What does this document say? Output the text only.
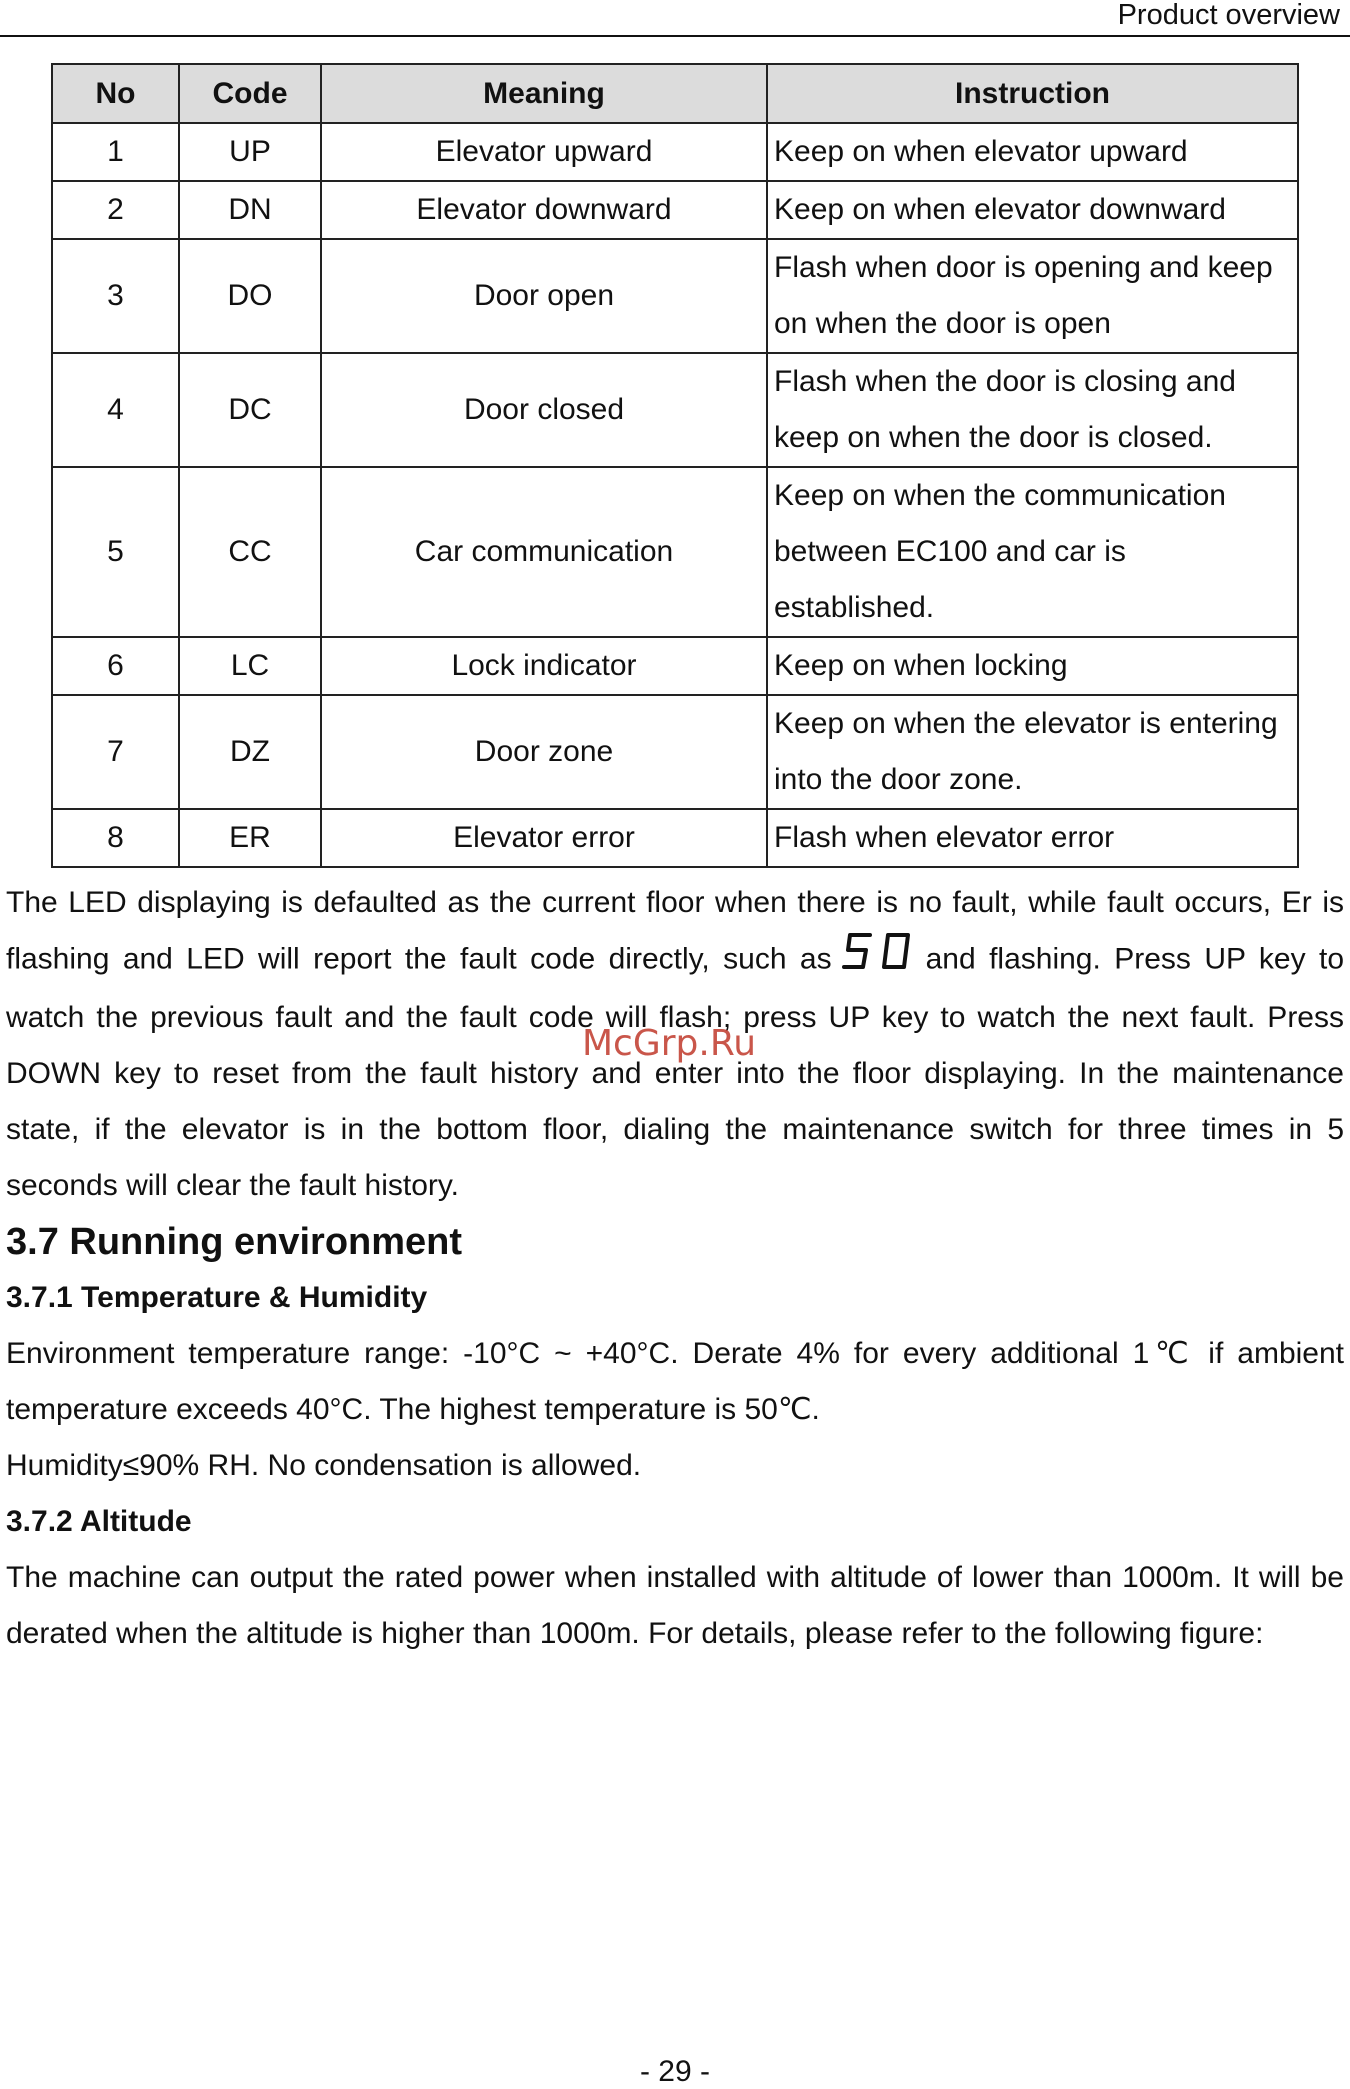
Product overview
No	Code	Meaning	Instruction
1	UP	Elevator upward	Keep on when elevator upward
2	DN	Elevator downward	Keep on when elevator downward
3	DO	Door open	Flash when door is opening and keep on when the door is open
4	DC	Door closed	Flash when the door is closing and keep on when the door is closed.
5	CC	Car communication	Keep on when the communication between EC100 and car is established.
6	LC	Lock indicator	Keep on when locking
7	DZ	Door zone	Keep on when the elevator is entering into the door zone.
8	ER	Elevator error	Flash when elevator error

The LED displaying is defaulted as the current floor when there is no fault, while fault occurs, Er is flashing and LED will report the fault code directly, such as	and flashing. Press UP key to watch the previous fault and the fault code will flash; press UP key to watch the next fault. Press DOWN key to reset from the fault history and enter into the floor displaying. In the maintenance state, if the elevator is in the bottom floor, dialing the maintenance switch for three times in 5 seconds will clear the fault history.

3.7 Running environment
3.7.1 Temperature & Humidity

Environment temperature range: -10°C ~ +40°C. Derate 4% for every additional 1℃ if ambient temperature exceeds 40°C. The highest temperature is 50℃.

Humidity≤90% RH. No condensation is allowed.

3.7.2 Altitude

The machine can output the rated power when installed with altitude of lower than 1000m. It will be derated when the altitude is higher than 1000m. For details, please refer to the following figure:

McGrp.Ru
- 29 -
